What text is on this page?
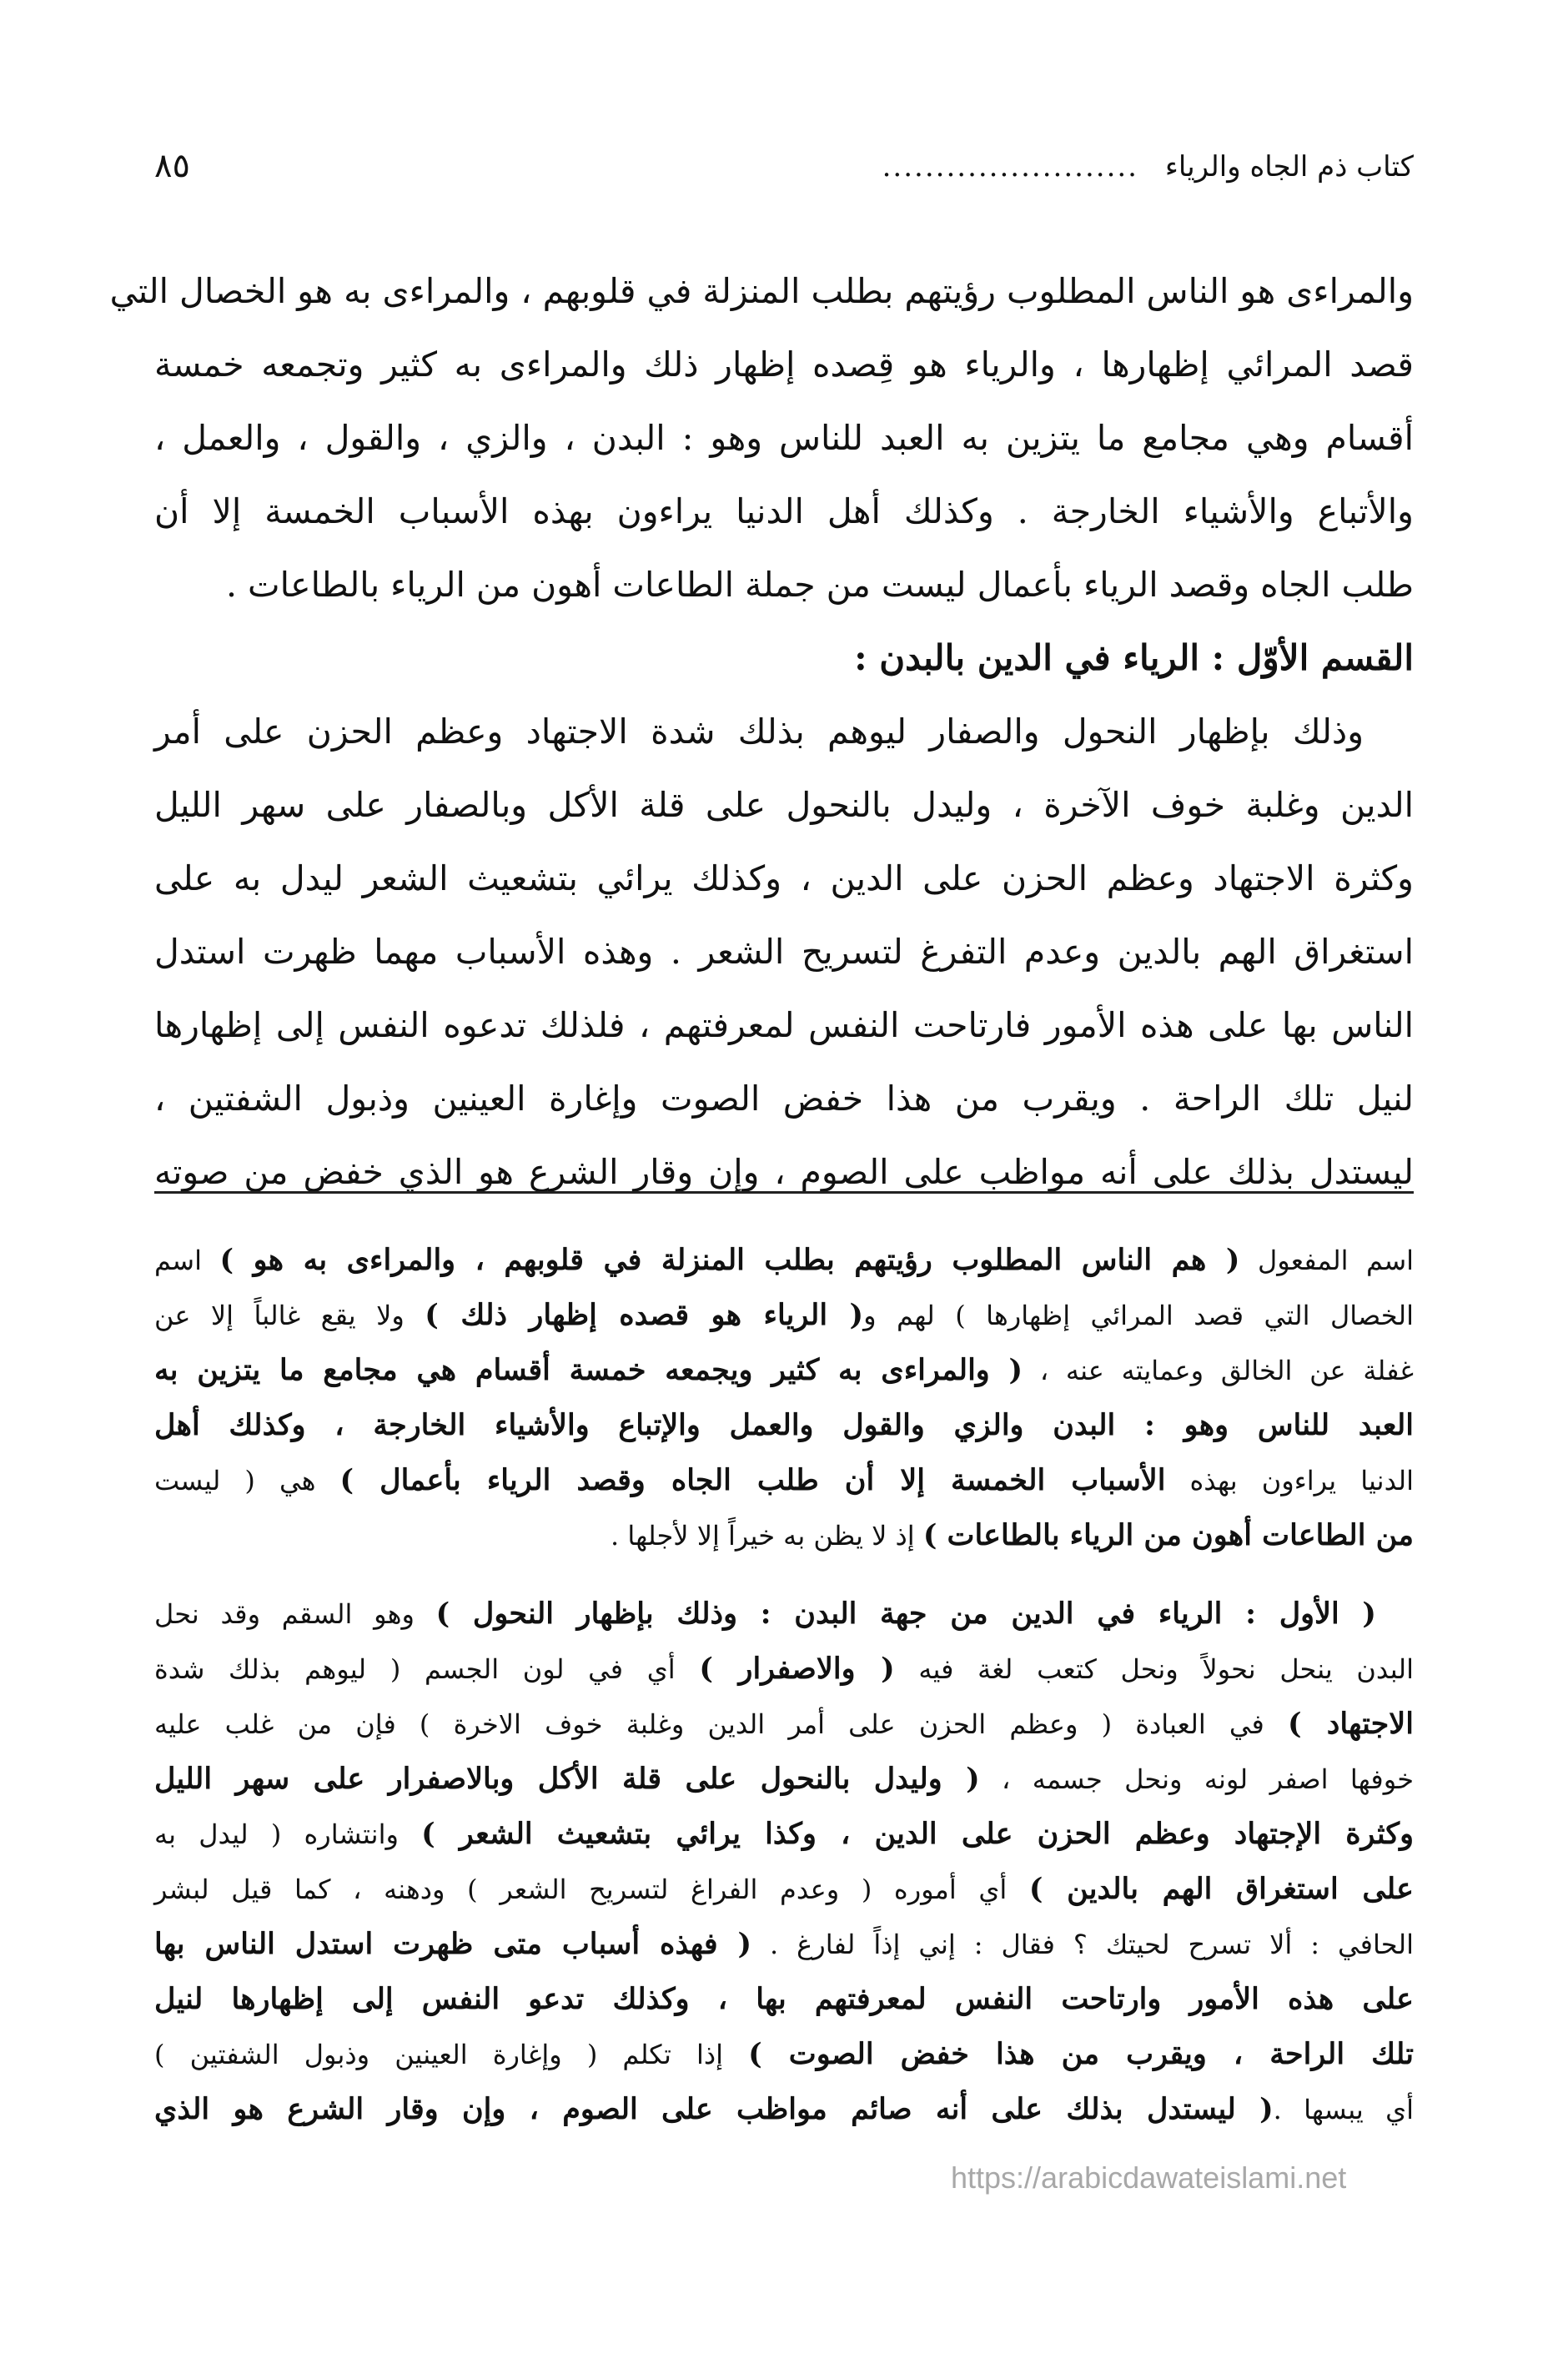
كتاب ذم الجاه والرياء
........................
٨٥
والمراءى هو الناس المطلوب رؤيتهم بطلب المنزلة في قلوبهم ، والمراءى به هو الخصال التي
قصد المرائي إظهارها ، والرياء هو قِصده إظهار ذلك والمراءى به كثير وتجمعه خمسة
أقسام وهي مجامع ما يتزين به العبد للناس وهو : البدن ، والزي ، والقول ، والعمل ،
والأتباع والأشياء الخارجة . وكذلك أهل الدنيا يراءون بهذه الأسباب الخمسة إلا أن
طلب الجاه وقصد الرياء بأعمال ليست من جملة الطاعات أهون من الرياء بالطاعات .
القسم الأوّل : الرياء في الدين بالبدن :
وذلك بإظهار النحول والصفار ليوهم بذلك شدة الاجتهاد وعظم الحزن على أمر
الدين وغلبة خوف الآخرة ، وليدل بالنحول على قلة الأكل وبالصفار على سهر الليل
وكثرة الاجتهاد وعظم الحزن على الدين ، وكذلك يرائي بتشعيث الشعر ليدل به على
استغراق الهم بالدين وعدم التفرغ لتسريح الشعر . وهذه الأسباب مهما ظهرت استدل
الناس بها على هذه الأمور فارتاحت النفس لمعرفتهم ، فلذلك تدعوه النفس إلى إظهارها
لنيل تلك الراحة . ويقرب من هذا خفض الصوت وإغارة العينين وذبول الشفتين ،
ليستدل بذلك على أنه مواظب على الصوم ، وإن وقار الشرع هو الذي خفض من صوته
اسم المفعول ( هم الناس المطلوب رؤيتهم بطلب المنزلة في قلوبهم ، والمراءى به هو ) اسم
الخصال التي قصد المرائي إظهارها ) لهم و( الرياء هو قصده إظهار ذلك ) ولا يقع غالباً إلا عن
غفلة عن الخالق وعمايته عنه ، ( والمراءى به كثير ويجمعه خمسة أقسام هي مجامع ما يتزين به
العبد للناس وهو : البدن والزي والقول والعمل والإتباع والأشياء الخارجة ، وكذلك أهل
الدنيا يراءون بهذه الأسباب الخمسة إلا أن طلب الجاه وقصد الرياء بأعمال ) هي ( ليست
من الطاعات أهون من الرياء بالطاعات ) إذ لا يظن به خيراً إلا لأجلها .
( الأول : الرياء في الدين من جهة البدن : وذلك بإظهار النحول ) وهو السقم وقد نحل
البدن ينحل نحولاً ونحل كتعب لغة فيه ( والاصفرار ) أي في لون الجسم ( ليوهم بذلك شدة
الاجتهاد ) في العبادة ( وعظم الحزن على أمر الدين وغلبة خوف الاخرة ) فإن من غلب عليه
خوفها اصفر لونه ونحل جسمه ، ( وليدل بالنحول على قلة الأكل وبالاصفرار على سهر الليل
وكثرة الإجتهاد وعظم الحزن على الدين ، وكذا يرائي بتشعيث الشعر ) وانتشاره ( ليدل به
على استغراق الهم بالدين ) أي أموره ( وعدم الفراغ لتسريح الشعر ) ودهنه ، كما قيل لبشر
الحافي : ألا تسرح لحيتك ؟ فقال : إني إذاً لفارغ . ( فهذه أسباب متى ظهرت استدل الناس بها
على هذه الأمور وارتاحت النفس لمعرفتهم بها ، وكذلك تدعو النفس إلى إظهارها لنيل
تلك الراحة ، ويقرب من هذا خفض الصوت ) إذا تكلم ( وإغارة العينين وذبول الشفتين )
أي يبسها .( ليستدل بذلك على أنه صائم مواظب على الصوم ، وإن وقار الشرع هو الذي
https://arabicdawateislami.net
